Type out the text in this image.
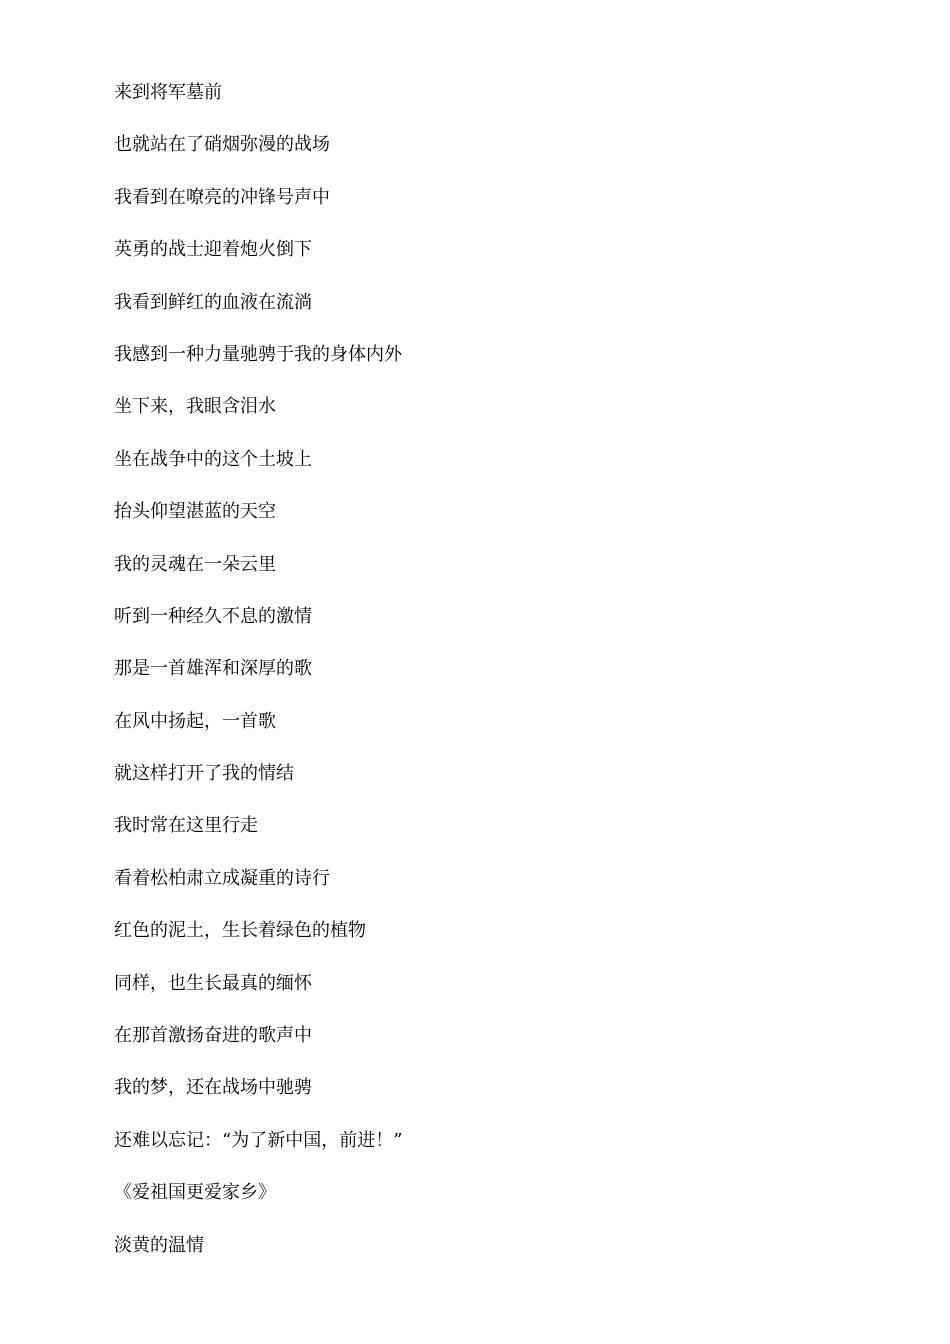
来到将军墓前
也就站在了硝烟弥漫的战场
我看到在嘹亮的冲锋号声中
英勇的战士迎着炮火倒下
我看到鲜红的血液在流淌
我感到一种力量驰骋于我的身体内外
坐下来，我眼含泪水
坐在战争中的这个土坡上
抬头仰望湛蓝的天空
我的灵魂在一朵云里
听到一种经久不息的激情
那是一首雄浑和深厚的歌
在风中扬起，一首歌
就这样打开了我的情结
我时常在这里行走
看着松柏肃立成凝重的诗行
红色的泥土，生长着绿色的植物
同样，也生长最真的缅怀
在那首激扬奋进的歌声中
我的梦，还在战场中驰骋
还难以忘记：“为了新中国，前进！”
《爱祖国更爱家乡》
淡黄的温情
